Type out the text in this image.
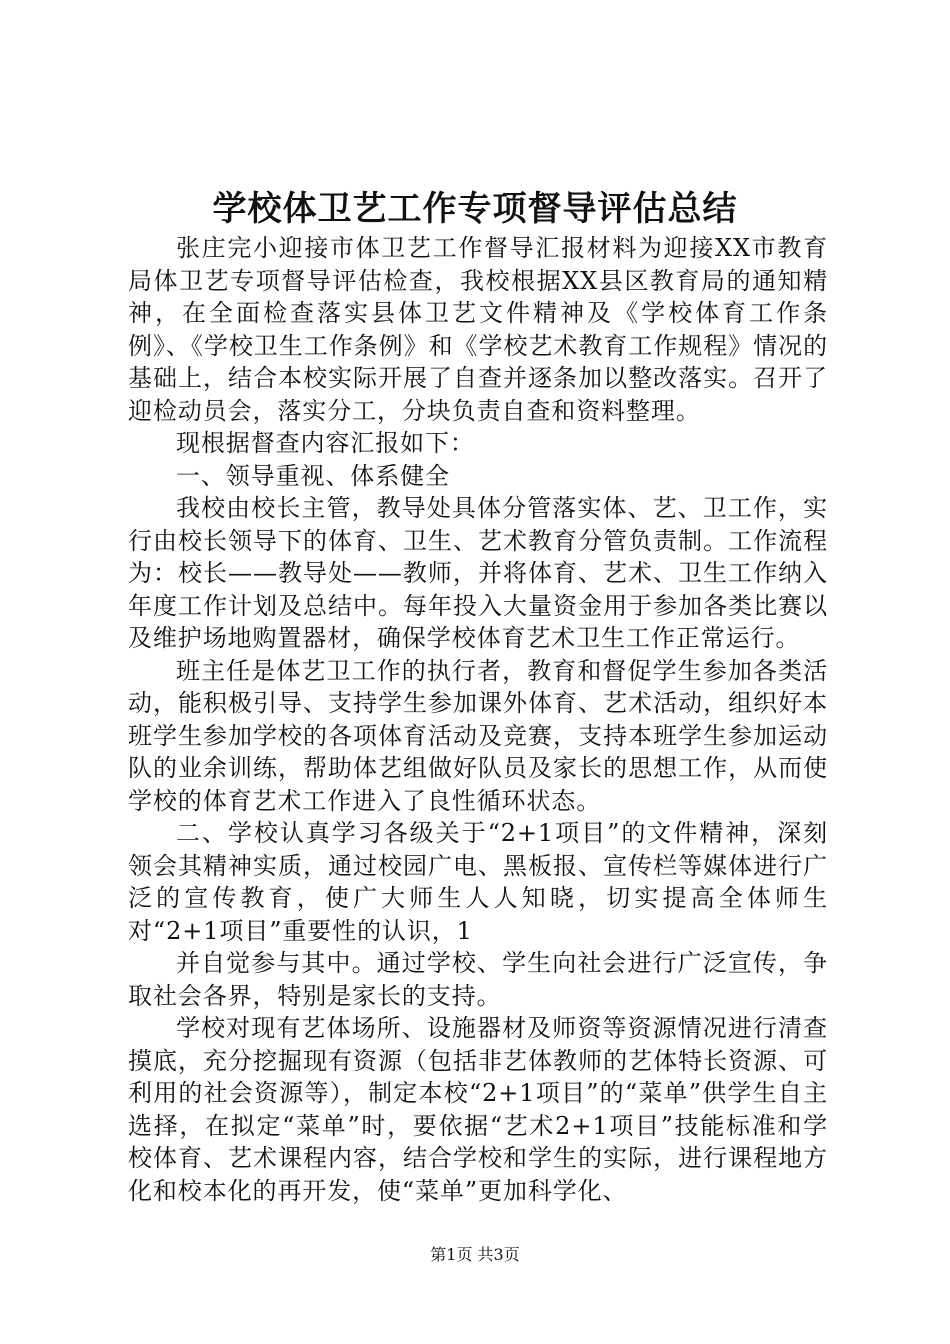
学校体卫艺工作专项督导评估总结

张庄完小迎接市体卫艺工作督导汇报材料为迎接XX市教育局体卫艺专项督导评估检查，我校根据XX县区教育局的通知精神，在全面检查落实县体卫艺文件精神及《学校体育工作条例》、《学校卫生工作条例》和《学校艺术教育工作规程》情况的基础上，结合本校实际开展了自查并逐条加以整改落实。召开了迎检动员会，落实分工，分块负责自查和资料整理。

现根据督查内容汇报如下：

一、领导重视、体系健全

我校由校长主管，教导处具体分管落实体、艺、卫工作，实行由校长领导下的体育、卫生、艺术教育分管负责制。工作流程为：校长——教导处——教师，并将体育、艺术、卫生工作纳入年度工作计划及总结中。每年投入大量资金用于参加各类比赛以及维护场地购置器材，确保学校体育艺术卫生工作正常运行。

班主任是体艺卫工作的执行者，教育和督促学生参加各类活动，能积极引导、支持学生参加课外体育、艺术活动，组织好本班学生参加学校的各项体育活动及竞赛，支持本班学生参加运动队的业余训练，帮助体艺组做好队员及家长的思想工作，从而使学校的体育艺术工作进入了良性循环状态。

二、学校认真学习各级关于“2+1项目”的文件精神，深刻领会其精神实质，通过校园广电、黑板报、宣传栏等媒体进行广泛的宣传教育，使广大师生人人知晓，切实提高全体师生对“2+1项目”重要性的认识，1

并自觉参与其中。通过学校、学生向社会进行广泛宣传，争取社会各界，特别是家长的支持。

学校对现有艺体场所、设施器材及师资等资源情况进行清查摸底，充分挖掘现有资源（包括非艺体教师的艺体特长资源、可利用的社会资源等），制定本校“2+1项目”的“菜单”供学生自主选择，在拟定“菜单”时，要依据“艺术2+1项目”技能标准和学校体育、艺术课程内容，结合学校和学生的实际，进行课程地方化和校本化的再开发，使“菜单”更加科学化、

第1页 共3页
